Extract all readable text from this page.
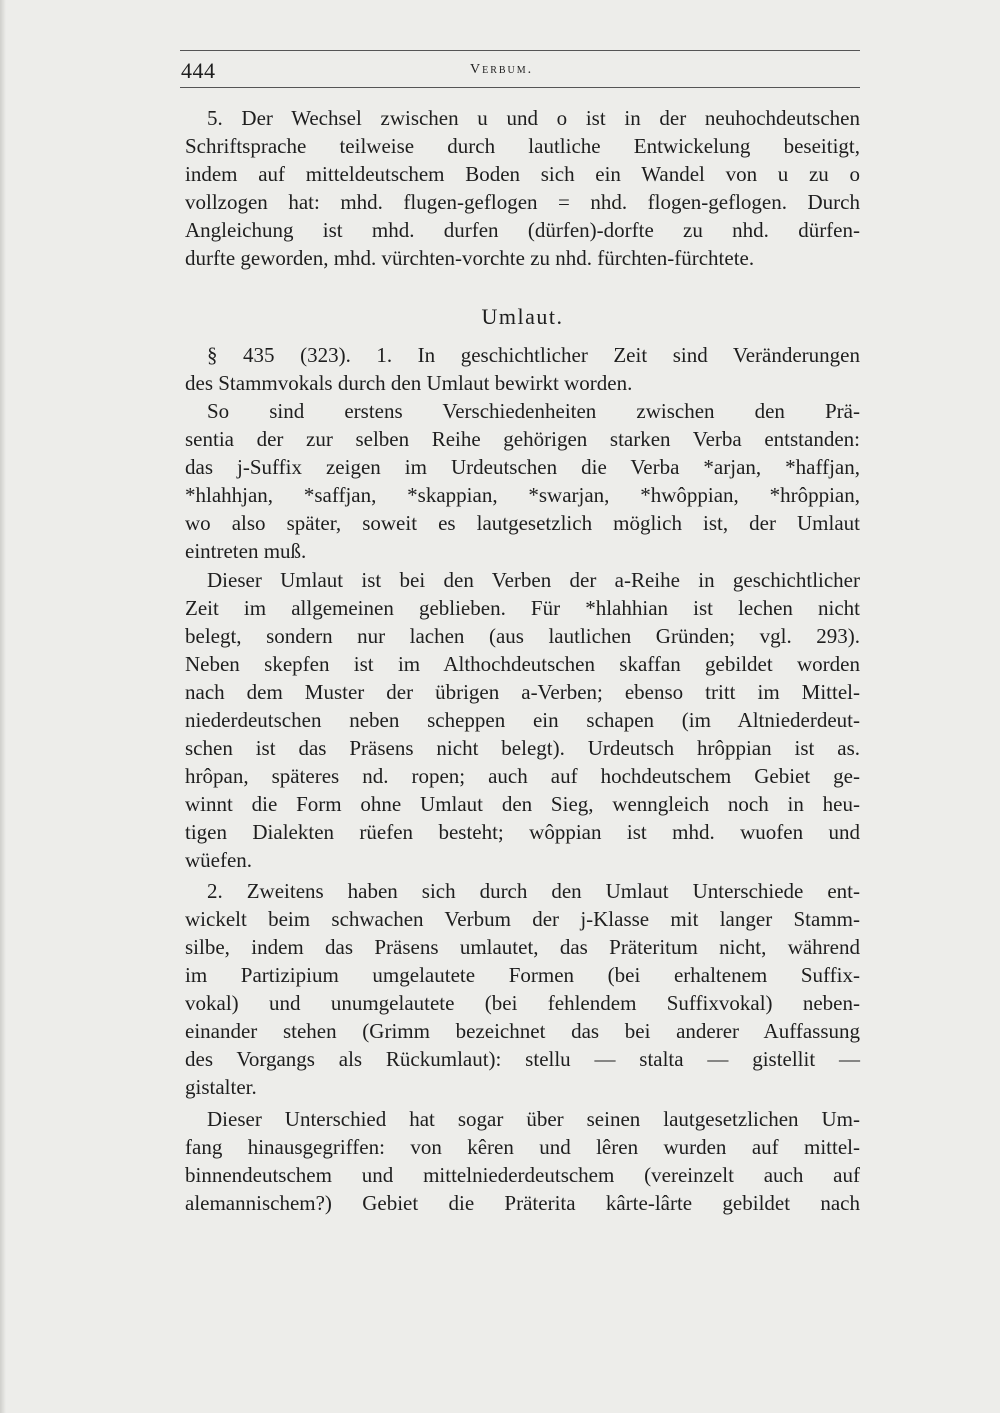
444	Verbum.
5. Der Wechsel zwischen u und o ist in der neuhochdeutschen
Schriftsprache teilweise durch lautliche Entwickelung beseitigt,
indem auf mitteldeutschem Boden sich ein Wandel von u zu o
vollzogen hat: mhd. flugen-geflogen = nhd. flogen-geflogen. Durch
Angleichung ist mhd. durfen (dürfen)-dorfte zu nhd. dürfen-
durfte geworden, mhd. vürchten-vorchte zu nhd. fürchten-fürchtete.
Umlaut.
§ 435 (323). 1. In geschichtlicher Zeit sind Veränderungen
des Stammvokals durch den Umlaut bewirkt worden.
So sind erstens Verschiedenheiten zwischen den Prä-
sentia der zur selben Reihe gehörigen starken Verba entstanden:
das j-Suffix zeigen im Urdeutschen die Verba *arjan, *haffjan,
*hlahhjan, *saffjan, *skappian, *swarjan, *hwôppian, *hrôppian,
wo also später, soweit es lautgesetzlich möglich ist, der Umlaut
eintreten muß.
Dieser Umlaut ist bei den Verben der a-Reihe in geschichtlicher
Zeit im allgemeinen geblieben. Für *hlahhian ist lechen nicht
belegt, sondern nur lachen (aus lautlichen Gründen; vgl. 293).
Neben skepfen ist im Althochdeutschen skaffan gebildet worden
nach dem Muster der übrigen a-Verben; ebenso tritt im Mittel-
niederdeutschen neben scheppen ein schapen (im Altniederdeut-
schen ist das Präsens nicht belegt). Urdeutsch hrôppian ist as.
hrôpan, späteres nd. ropen; auch auf hochdeutschem Gebiet ge-
winnt die Form ohne Umlaut den Sieg, wenngleich noch in heu-
tigen Dialekten rüefen besteht; wôppian ist mhd. wuofen und
wüefen.
2. Zweitens haben sich durch den Umlaut Unterschiede ent-
wickelt beim schwachen Verbum der j-Klasse mit langer Stamm-
silbe, indem das Präsens umlautet, das Präteritum nicht, während
im Partizipium umgelautete Formen (bei erhaltenem Suffix-
vokal) und unumgelautete (bei fehlendem Suffixvokal) neben-
einander stehen (Grimm bezeichnet das bei anderer Auffassung
des Vorgangs als Rückumlaut): stellu — stalta — gistellit —
gistalter.
Dieser Unterschied hat sogar über seinen lautgesetzlichen Um-
fang hinausgegriffen: von kêren und lêren wurden auf mittel-
binnendeutschem und mittelniederdeutschem (vereinzelt auch auf
alemannischem?) Gebiet die Präterita kârte-lârte gebildet nach
